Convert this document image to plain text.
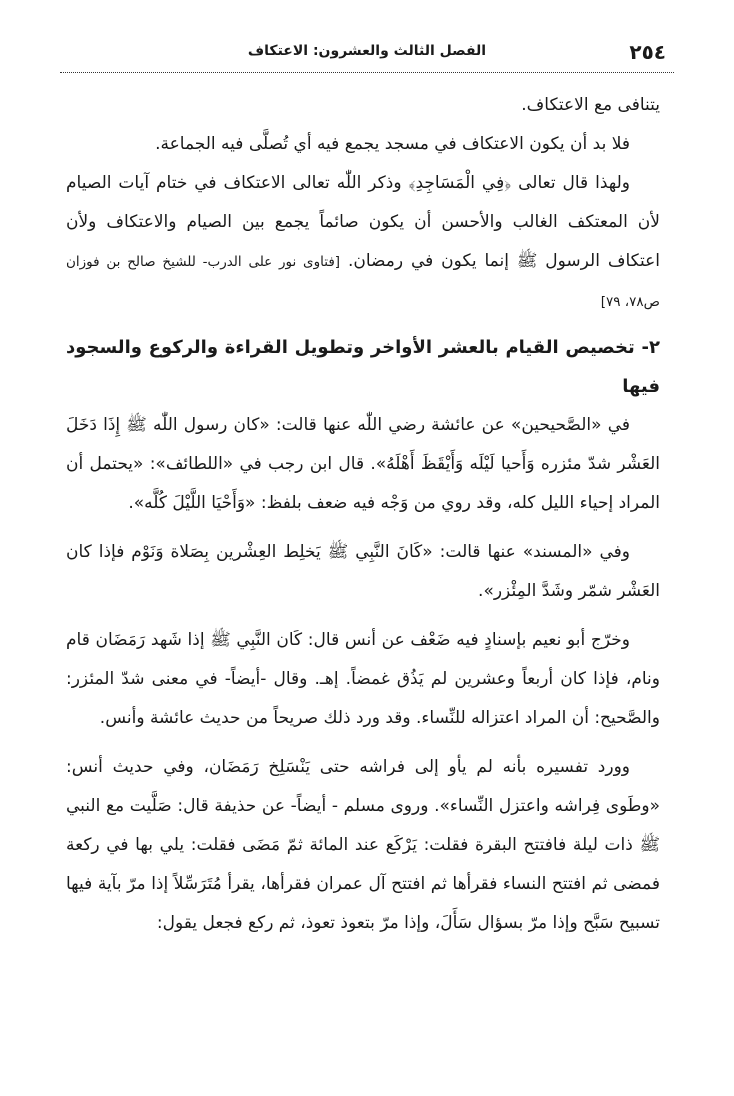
٢٥٤
الفصل الثالث والعشرون: الاعتكاف

يتنافى مع الاعتكاف.

فلا بد أن يكون الاعتكاف في مسجد يجمع فيه أي تُصلَّى فيه الجماعة.

ولهذا قال تعالى ﴿فِي الْمَسَاجِدِ﴾ وذكر اللّٰه تعالى الاعتكاف في ختام آيات الصيام لأن المعتكف الغالب والأحسن أن يكون صائماً يجمع بين الصيام والاعتكاف ولأن اعتكاف الرسول ﷺ إنما يكون في رمضان. [فتاوى نور على الدرب- للشيخ صالح بن فوزان ص٧٨، ٧٩]

٢- تخصيص القيام بالعشر الأواخر وتطويل القراءة والركوع والسجود فيها

في «الصَّحيحين» عن عائشة رضي اللّٰه عنها قالت: «كان رسول اللّٰه ﷺ إِذَا دَخَلَ العَشْر شدّ مئزره وَأَحيا لَيْلَه وَأَيْقَظَ أَهْلَهُ». قال ابن رجب في «اللطائف»: «يحتمل أن المراد إحياء الليل كله، وقد روي من وَجْه فيه ضعف بلفظ: «وَأَحْيَا اللَّيْلَ كُلَّه».

وفي «المسند» عنها قالت: «كَانَ النَّبِي ﷺ يَخلِط العِشْرين بِصَلاة وَنَوْم فإذا كان العَشْر شمّر وشَدَّ المِئْزر».

وخرّج أبو نعيم بإسنادٍ فيه ضَعْف عن أنس قال: كَان النَّبِي ﷺ إذا شَهد رَمَضَان قام ونام، فإذا كان أربعاً وعشرين لم يَذُق غمضاً. إهـ. وقال -أيضاً- في معنى شدّ المئزر: والصَّحيح: أن المراد اعتزاله للنِّساء. وقد ورد ذلك صريحاً من حديث عائشة وأنس.

وورد تفسيره بأنه لم يأو إلى فراشه حتى يَنْسَلِخ رَمَضَان، وفي حديث أنس: «وطَوى فِراشه واعتزل النِّساء». وروى مسلم - أيضاً- عن حذيفة قال: صَلَّيت مع النبي ﷺ ذات ليلة فافتتح البقرة فقلت: يَرْكَع عند المائة ثمّ مَضَى فقلت: يلي بها في ركعة فمضى ثم افتتح النساء فقرأها ثم افتتح آل عمران فقرأها، يقرأ مُتَرَسِّلاً إذا مرّ بآية فيها تسبيح سَبَّح وإذا مرّ بسؤال سَأَلَ، وإذا مرّ بتعوذ تعوذ، ثم ركع فجعل يقول:
